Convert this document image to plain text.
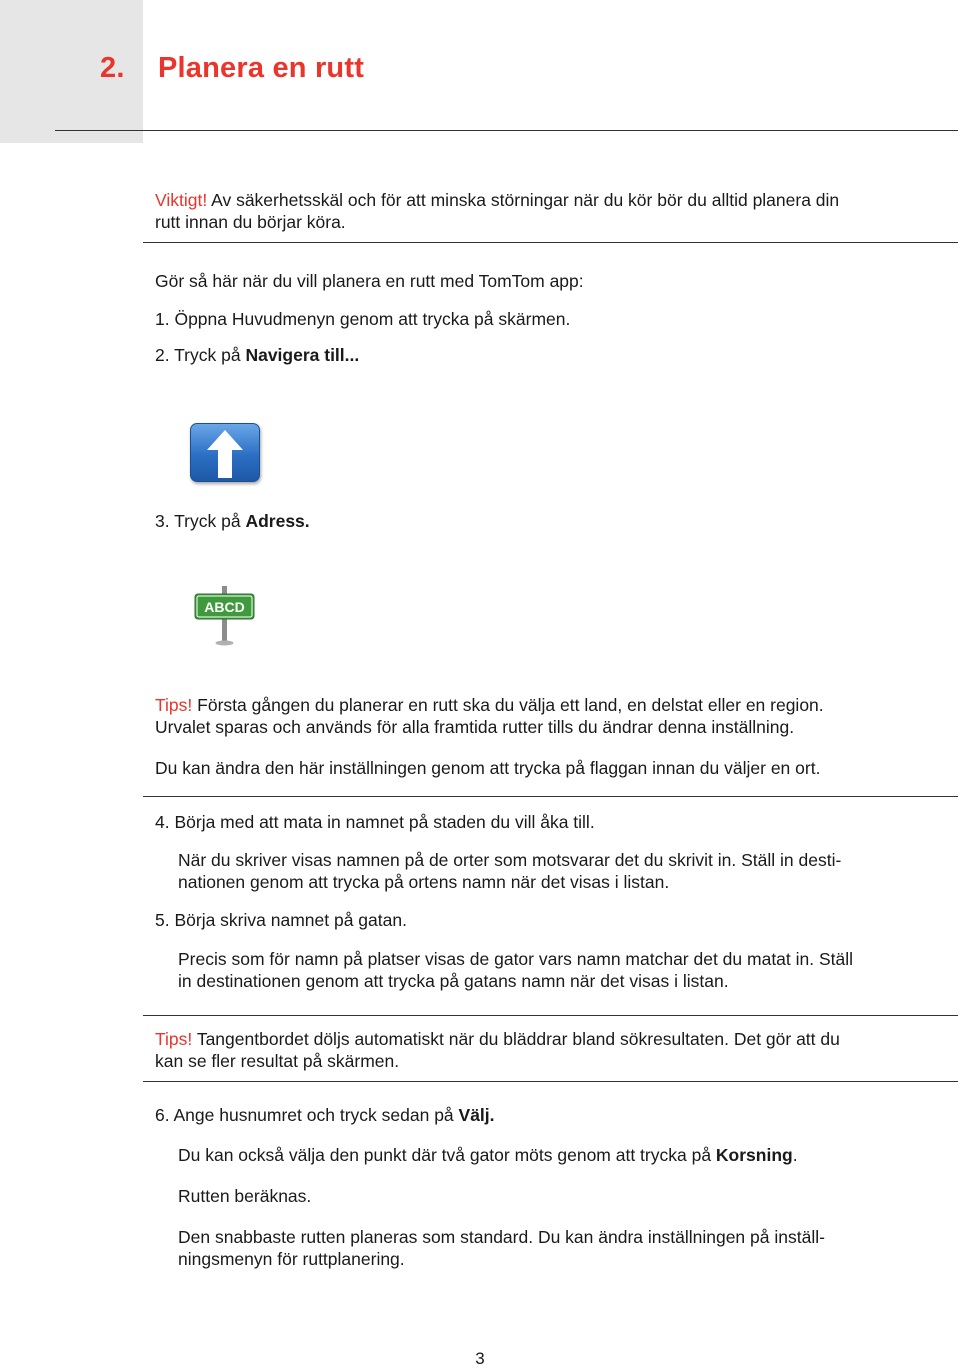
2. Planera en rutt
Viktigt! Av säkerhetsskäl och för att minska störningar när du kör bör du alltid planera din
rutt innan du börjar köra.
Gör så här när du vill planera en rutt med TomTom app:
1. Öppna Huvudmenyn genom att trycka på skärmen.
2. Tryck på Navigera till...
3. Tryck på Adress.
ABCD
Tips! Första gången du planerar en rutt ska du välja ett land, en delstat eller en region.
Urvalet sparas och används för alla framtida rutter tills du ändrar denna inställning.
Du kan ändra den här inställningen genom att trycka på flaggan innan du väljer en ort.
4. Börja med att mata in namnet på staden du vill åka till.
När du skriver visas namnen på de orter som motsvarar det du skrivit in. Ställ in desti-
nationen genom att trycka på ortens namn när det visas i listan.
5. Börja skriva namnet på gatan.
Precis som för namn på platser visas de gator vars namn matchar det du matat in. Ställ
in destinationen genom att trycka på gatans namn när det visas i listan.
Tips! Tangentbordet döljs automatiskt när du bläddrar bland sökresultaten. Det gör att du
kan se fler resultat på skärmen.
6. Ange husnumret och tryck sedan på Välj.
Du kan också välja den punkt där två gator möts genom att trycka på Korsning.
Rutten beräknas.
Den snabbaste rutten planeras som standard. Du kan ändra inställningen på inställ-
ningsmenyn för ruttplanering.
3
